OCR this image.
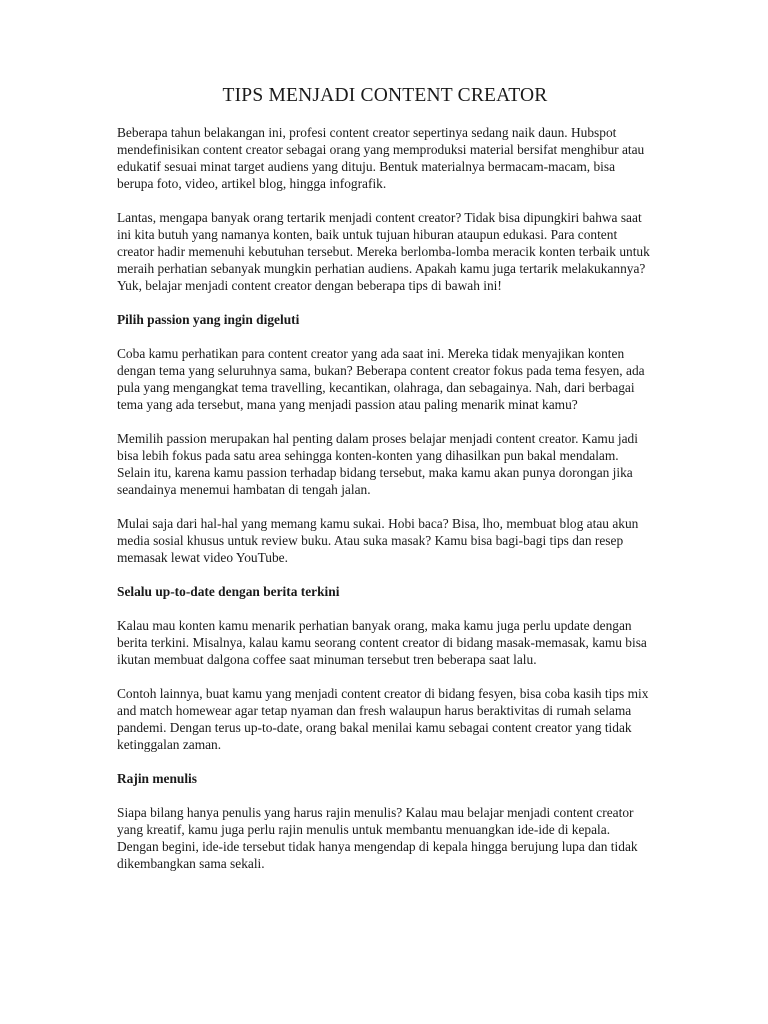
TIPS MENJADI CONTENT CREATOR

Beberapa tahun belakangan ini, profesi content creator sepertinya sedang naik daun. Hubspot mendefinisikan content creator sebagai orang yang memproduksi material bersifat menghibur atau edukatif sesuai minat target audiens yang dituju. Bentuk materialnya bermacam-macam, bisa berupa foto, video, artikel blog, hingga infografik.

Lantas, mengapa banyak orang tertarik menjadi content creator? Tidak bisa dipungkiri bahwa saat ini kita butuh yang namanya konten, baik untuk tujuan hiburan ataupun edukasi. Para content creator hadir memenuhi kebutuhan tersebut. Mereka berlomba-lomba meracik konten terbaik untuk meraih perhatian sebanyak mungkin perhatian audiens. Apakah kamu juga tertarik melakukannya? Yuk, belajar menjadi content creator dengan beberapa tips di bawah ini!

Pilih passion yang ingin digeluti

Coba kamu perhatikan para content creator yang ada saat ini. Mereka tidak menyajikan konten dengan tema yang seluruhnya sama, bukan? Beberapa content creator fokus pada tema fesyen, ada pula yang mengangkat tema travelling, kecantikan, olahraga, dan sebagainya. Nah, dari berbagai tema yang ada tersebut, mana yang menjadi passion atau paling menarik minat kamu?

Memilih passion merupakan hal penting dalam proses belajar menjadi content creator. Kamu jadi bisa lebih fokus pada satu area sehingga konten-konten yang dihasilkan pun bakal mendalam. Selain itu, karena kamu passion terhadap bidang tersebut, maka kamu akan punya dorongan jika seandainya menemui hambatan di tengah jalan.

Mulai saja dari hal-hal yang memang kamu sukai. Hobi baca? Bisa, lho, membuat blog atau akun media sosial khusus untuk review buku. Atau suka masak? Kamu bisa bagi-bagi tips dan resep memasak lewat video YouTube.

Selalu up-to-date dengan berita terkini

Kalau mau konten kamu menarik perhatian banyak orang, maka kamu juga perlu update dengan berita terkini. Misalnya, kalau kamu seorang content creator di bidang masak-memasak, kamu bisa ikutan membuat dalgona coffee saat minuman tersebut tren beberapa saat lalu.

Contoh lainnya, buat kamu yang menjadi content creator di bidang fesyen, bisa coba kasih tips mix and match homewear agar tetap nyaman dan fresh walaupun harus beraktivitas di rumah selama pandemi. Dengan terus up-to-date, orang bakal menilai kamu sebagai content creator yang tidak ketinggalan zaman.

Rajin menulis

Siapa bilang hanya penulis yang harus rajin menulis? Kalau mau belajar menjadi content creator yang kreatif, kamu juga perlu rajin menulis untuk membantu menuangkan ide-ide di kepala. Dengan begini, ide-ide tersebut tidak hanya mengendap di kepala hingga berujung lupa dan tidak dikembangkan sama sekali.
